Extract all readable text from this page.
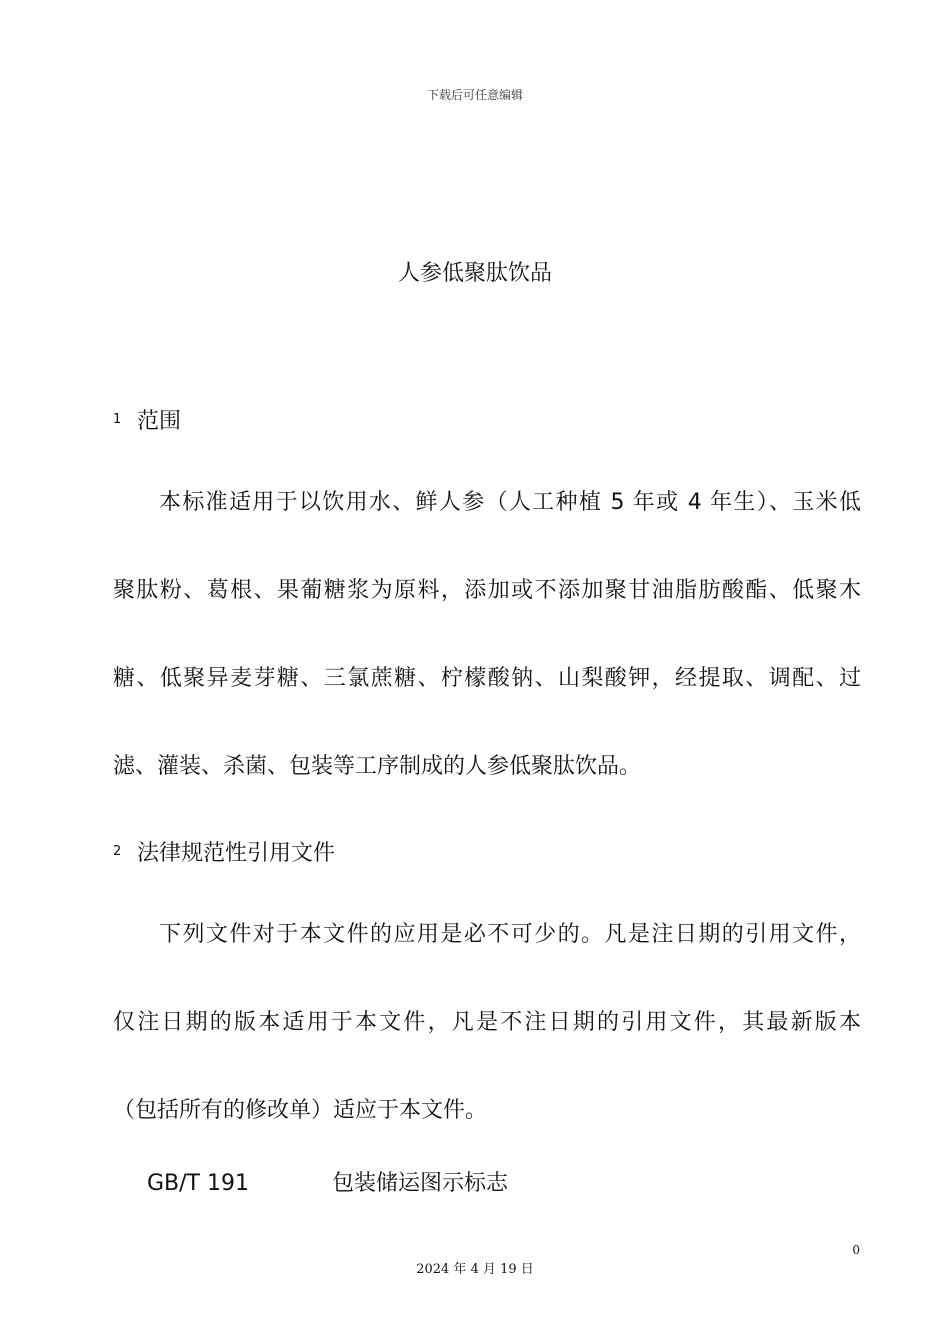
下载后可任意编辑
人参低聚肽饮品
1 范围
本标准适用于以饮用水、鲜人参（人工种植 5 年或 4 年生）、玉米低
聚肽粉、葛根、果葡糖浆为原料，添加或不添加聚甘油脂肪酸酯、低聚木
糖、低聚异麦芽糖、三氯蔗糖、柠檬酸钠、山梨酸钾，经提取、调配、过
滤、灌装、杀菌、包装等工序制成的人参低聚肽饮品。
2 法律规范性引用文件
下列文件对于本文件的应用是必不可少的。凡是注日期的引用文件，
仅注日期的版本适用于本文件，凡是不注日期的引用文件，其最新版本
（包括所有的修改单）适应于本文件。
GB/T 191	包装储运图示标志
0
2024 年 4 月 19 日
